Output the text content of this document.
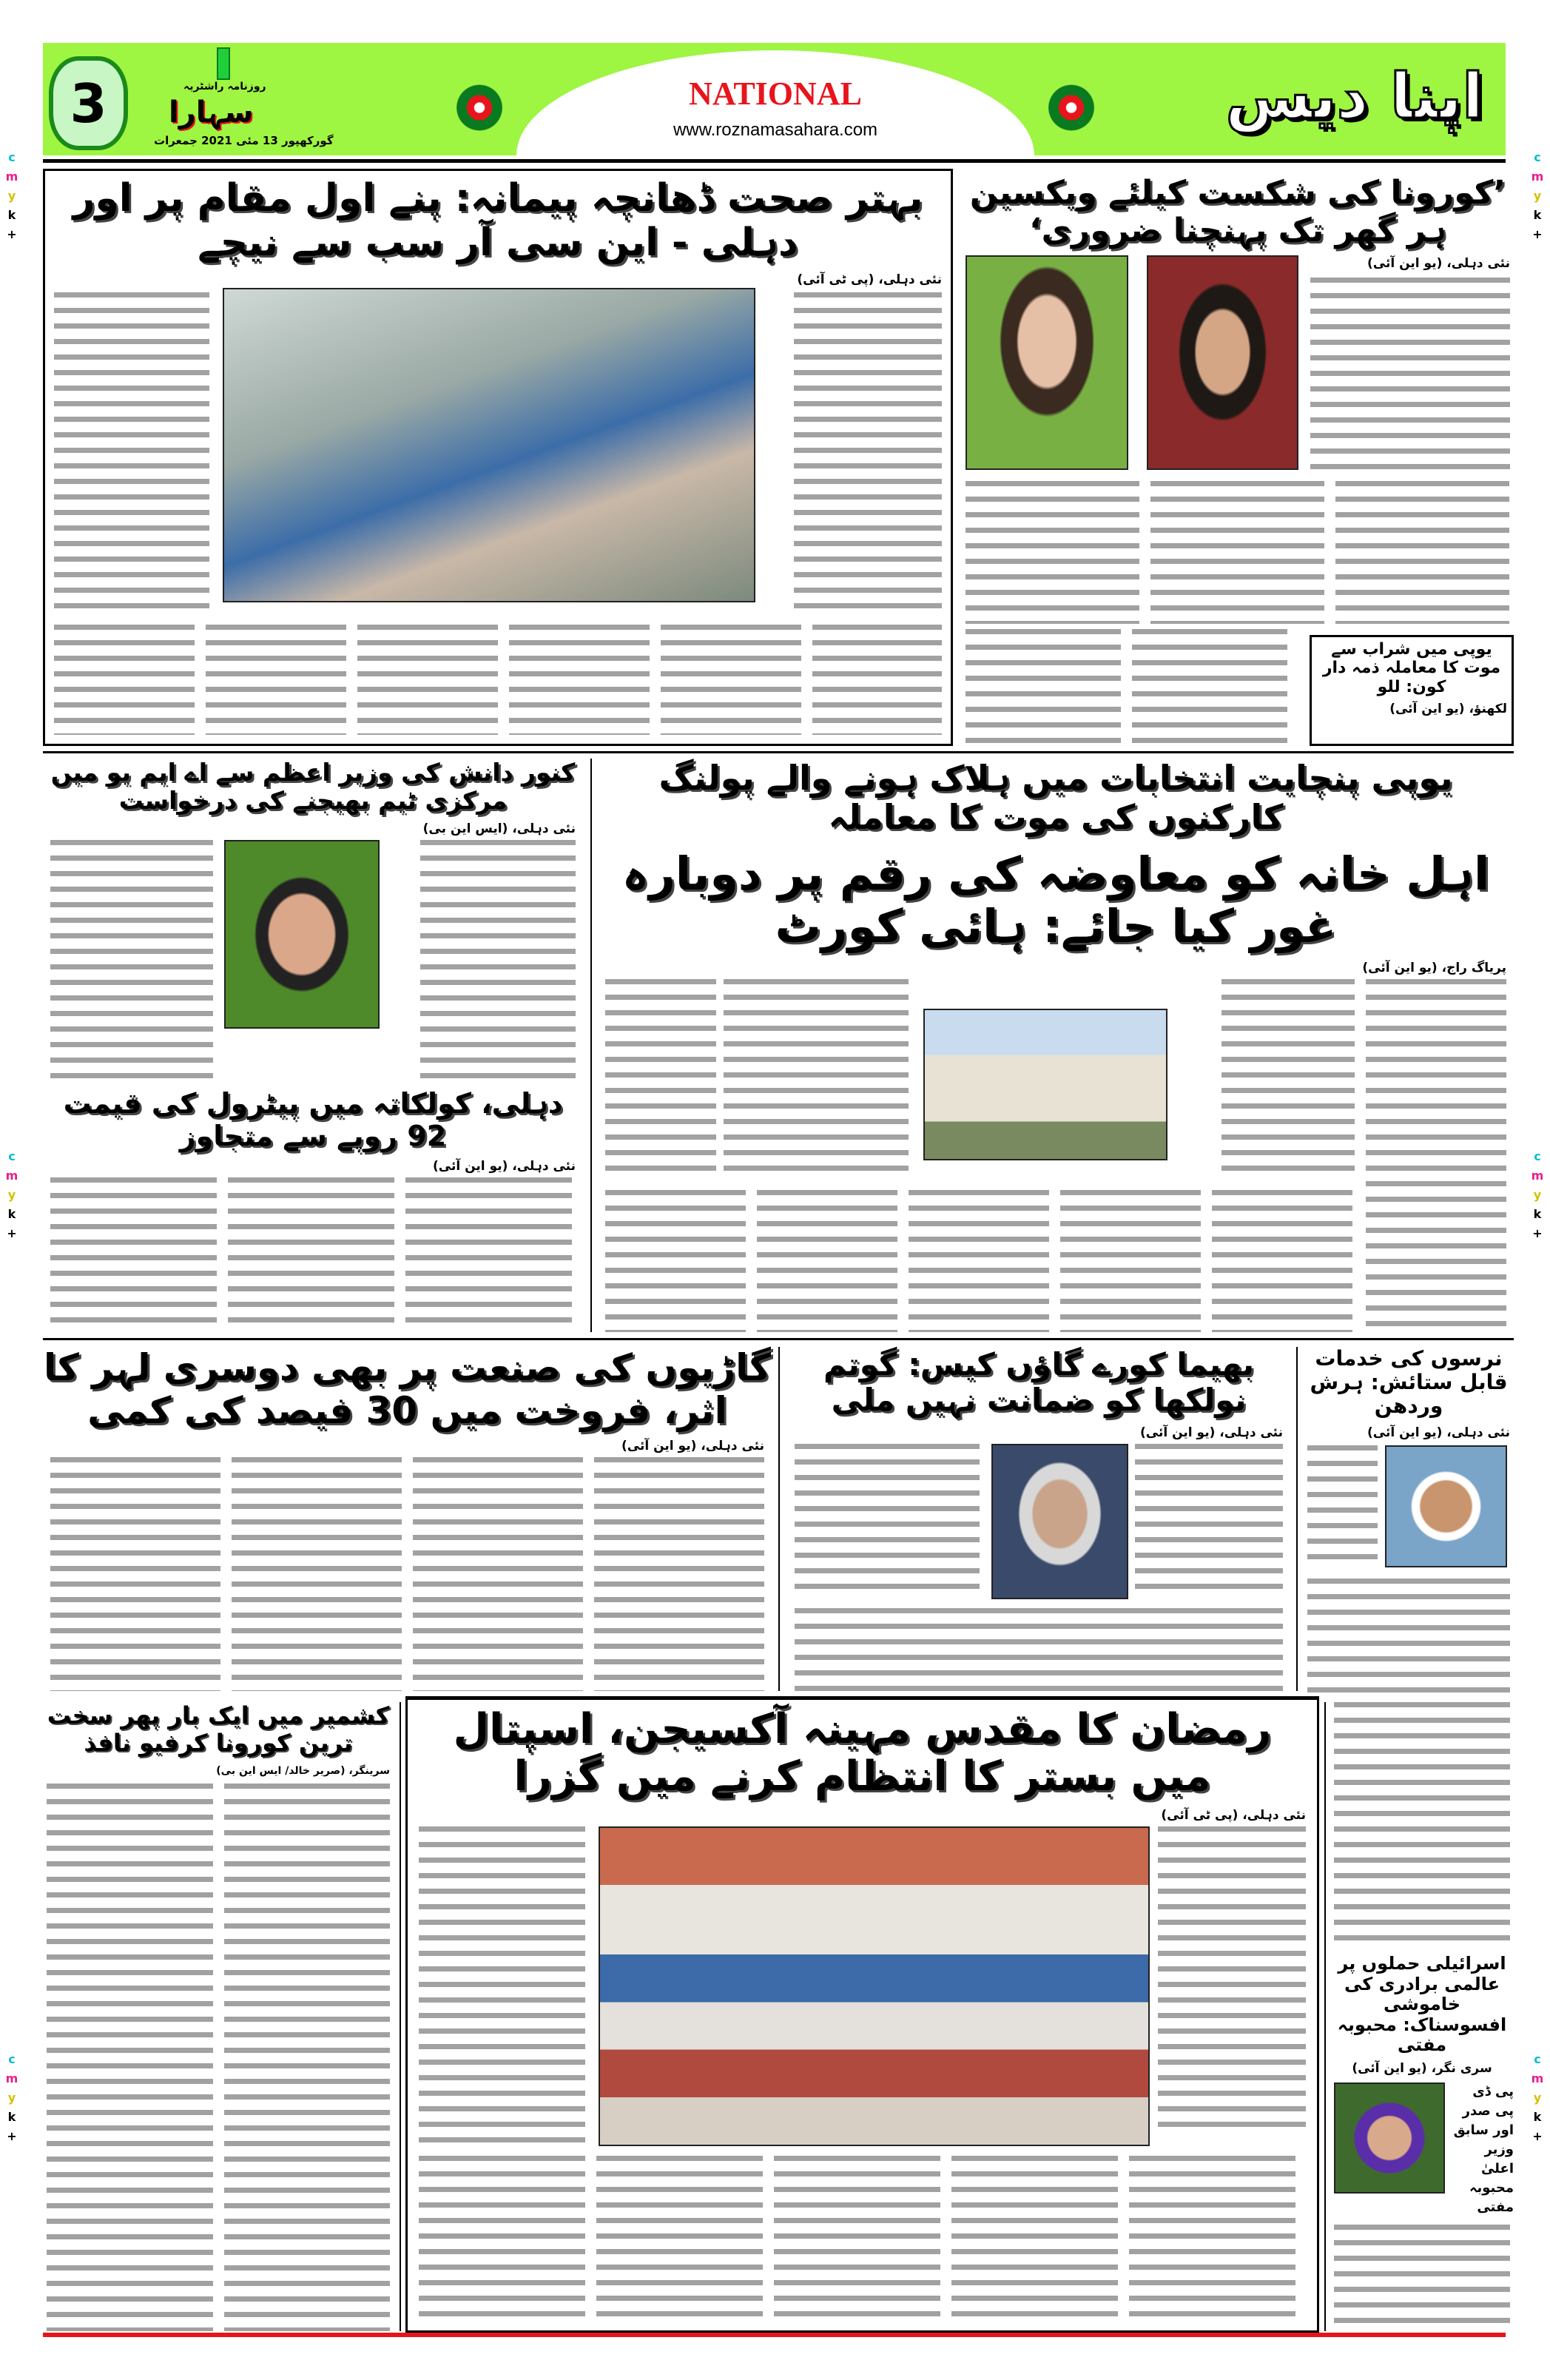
3	روزنامہ راشٹریہ
سہارا
گورکھپور 13 مئی 2021 جمعرات
NATIONAL
www.roznamasahara.com	اپنا دیس
c
m
y
k
+
c
m
y
k
+
c
m
y
k
+
c
m
y
k
+
c
m
y
k
+
c
m
y
k
+
بہتر صحت ڈھانچہ پیمانہ: پنے اول مقام پر اور دہلی - این سی آر سب سے نیچے
نئی دہلی، (پی ٹی آئی)
’کورونا کی شکست کیلئے ویکسین ہر گھر تک پہنچنا ضروری‘
نئی دہلی، (یو این آئی)
یوپی میں شراب سے موت کا معاملہ ذمہ دار کون: للو
لکھنؤ، (یو این آئی)
کنور دانش کی وزیر اعظم سے اے ایم یو میں مرکزی ٹیم بھیجنے کی درخواست
نئی دہلی، (ایس این بی)
دہلی، کولکاتہ میں پیٹرول کی قیمت 92 روپے سے متجاوز
نئی دہلی، (یو این آئی)
یوپی پنچایت انتخابات میں ہلاک ہونے والے پولنگ کارکنوں کی موت کا معاملہ
اہل خانہ کو معاوضہ کی رقم پر دوبارہ غور کیا جائے: ہائی کورٹ
پریاگ راج، (یو این آئی)
گاڑیوں کی صنعت پر بھی دوسری لہر کا اثر، فروخت میں 30 فیصد کی کمی
نئی دہلی، (یو این آئی)
بھیما کورے گاؤں کیس: گوتم نولکھا کو ضمانت نہیں ملی
نئی دہلی، (یو این آئی)
نرسوں کی خدمات قابل ستائش: ہرش وردھن
نئی دہلی، (یو این آئی)
کشمیر میں ایک بار پھر سخت ترین کورونا کرفیو نافذ
سرینگر، (صریر خالد/ ایس این بی)
رمضان کا مقدس مہینہ آکسیجن، اسپتال میں بستر کا انتظام کرنے میں گزرا
نئی دہلی، (پی ٹی آئی)
اسرائیلی حملوں پر عالمی برادری کی خاموشی افسوسناک: محبوبہ مفتی
سری نگر، (یو این آئی)
پی ڈی پی صدر اور سابق وزیر اعلیٰ محبوبہ مفتی
